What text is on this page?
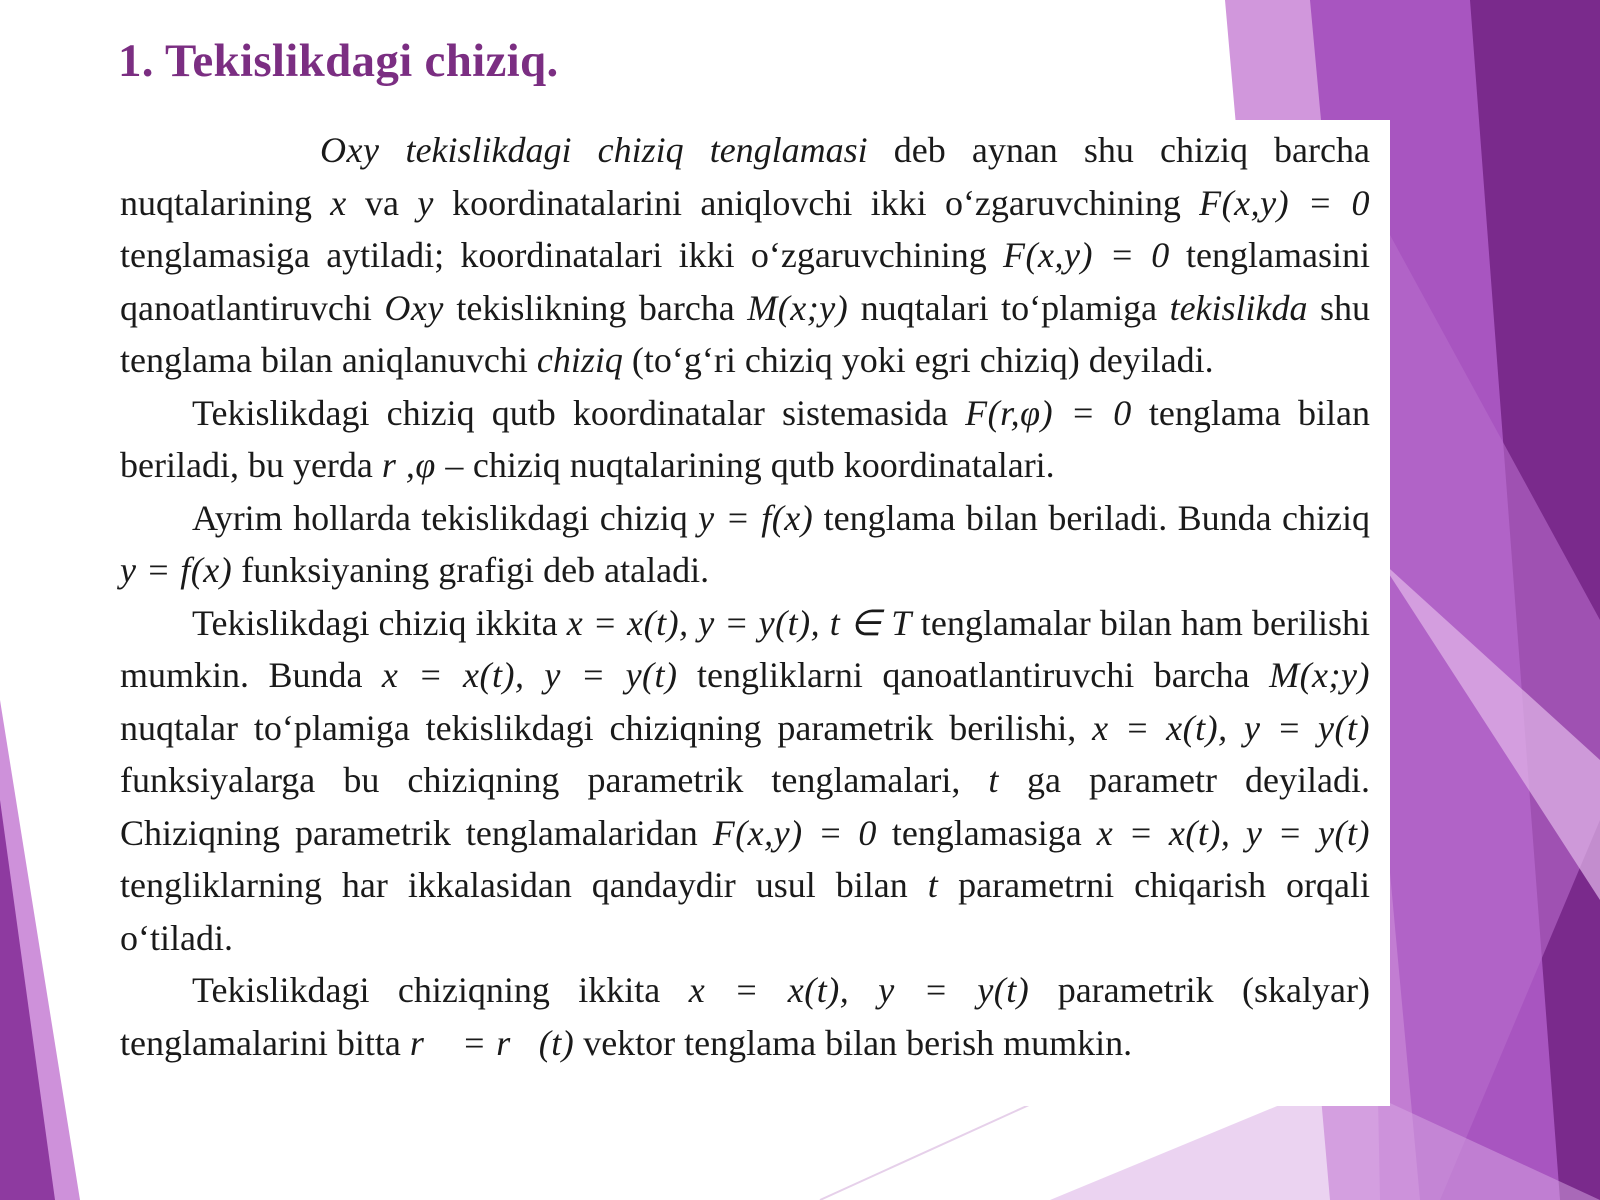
1. Tekislikdagi chiziq.

Oxy tekislikdagi chiziq tenglamasi deb aynan shu chiziq barcha nuqtalarining x va y koordinatalarini aniqlovchi ikki o‘zgaruvchining F(x,y) = 0 tenglamasiga aytiladi; koordinatalari ikki o‘zgaruvchining F(x,y) = 0 tenglamasini qanoatlantiruvchi Oxy tekislikning barcha M(x;y) nuqtalari to‘plamiga tekislikda shu tenglama bilan aniqlanuvchi chiziq (to‘g‘ri chiziq yoki egri chiziq) deyiladi.

Tekislikdagi chiziq qutb koordinatalar sistemasida F(r,φ) = 0 tenglama bilan beriladi, bu yerda r ,φ – chiziq nuqtalarining qutb koordinatalari.

Ayrim hollarda tekislikdagi chiziq y = f(x) tenglama bilan beriladi. Bunda chiziq y = f(x) funksiyaning grafigi deb ataladi.

Tekislikdagi chiziq ikkita x = x(t), y = y(t), t ∈ T tenglamalar bilan ham berilishi mumkin. Bunda x = x(t), y = y(t) tengliklarni qanoatlantiruvchi barcha M(x;y) nuqtalar to‘plamiga tekislikdagi chiziqning parametrik berilishi, x = x(t), y = y(t) funksiyalarga bu chiziqning parametrik tenglamalari, t ga parametr deyiladi. Chiziqning parametrik tenglamalaridan F(x,y) = 0 tenglamasiga x = x(t), y = y(t) tengliklarning har ikkalasidan qandaydir usul bilan t parametrni chiqarish orqali o‘tiladi.

Tekislikdagi chiziqning ikkita x = x(t), y = y(t) parametrik (skalyar) tenglamalarini bitta r⃗ = r⃗(t) vektor tenglama bilan berish mumkin.
